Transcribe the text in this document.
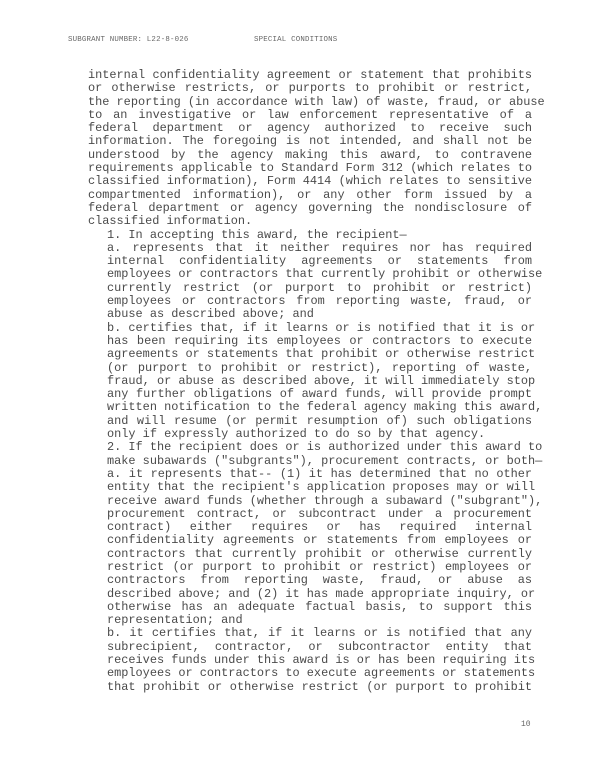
SUBGRANT NUMBER: L22-8-026	SPECIAL CONDITIONS
internal confidentiality agreement or statement that prohibits
or otherwise restricts, or purports to prohibit or restrict,
the reporting (in accordance with law) of waste, fraud, or abuse
to an investigative or law enforcement representative of a
federal department or agency authorized to receive such
information. The foregoing is not intended, and shall not be
understood by the agency making this award, to contravene
requirements applicable to Standard Form 312 (which relates to
classified information), Form 4414 (which relates to sensitive
compartmented information), or any other form issued by a
federal department or agency governing the nondisclosure of
classified information.
1. In accepting this award, the recipient—
a. represents that it neither requires nor has required
internal confidentiality agreements or statements from
employees or contractors that currently prohibit or otherwise
currently restrict (or purport to prohibit or restrict)
employees or contractors from reporting waste, fraud, or
abuse as described above; and
b. certifies that, if it learns or is notified that it is or
has been requiring its employees or contractors to execute
agreements or statements that prohibit or otherwise restrict
(or purport to prohibit or restrict), reporting of waste,
fraud, or abuse as described above, it will immediately stop
any further obligations of award funds, will provide prompt
written notification to the federal agency making this award,
and will resume (or permit resumption of) such obligations
only if expressly authorized to do so by that agency.
2. If the recipient does or is authorized under this award to
make subawards ("subgrants"), procurement contracts, or both—
a. it represents that-- (1) it has determined that no other
entity that the recipient's application proposes may or will
receive award funds (whether through a subaward ("subgrant"),
procurement contract, or subcontract under a procurement
contract) either requires or has required internal
confidentiality agreements or statements from employees or
contractors that currently prohibit or otherwise currently
restrict (or purport to prohibit or restrict) employees or
contractors from reporting waste, fraud, or abuse as
described above; and (2) it has made appropriate inquiry, or
otherwise has an adequate factual basis, to support this
representation; and
b. it certifies that, if it learns or is notified that any
subrecipient, contractor, or subcontractor entity that
receives funds under this award is or has been requiring its
employees or contractors to execute agreements or statements
that prohibit or otherwise restrict (or purport to prohibit
10
